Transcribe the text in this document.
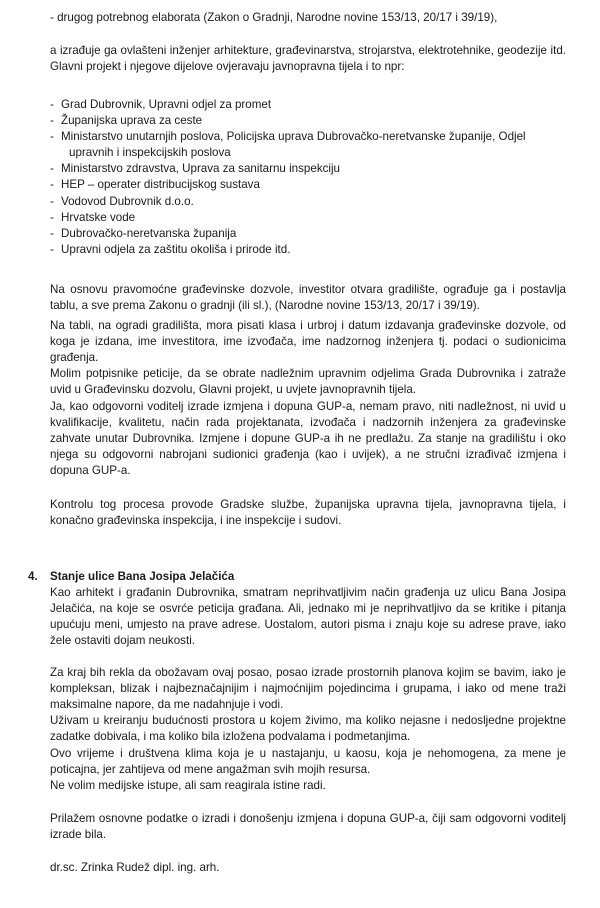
- drugog potrebnog elaborata (Zakon o Gradnji, Narodne novine 153/13, 20/17 i 39/19),

a izrađuje ga ovlašteni inženjer arhitekture, građevinarstva, strojarstva, elektrotehnike, geodezije itd. Glavni projekt i njegove dijelove ovjeravaju javnopravna tijela i to npr:

- Grad Dubrovnik, Upravni odjel za promet
- Županijska uprava za ceste
- Ministarstvo unutarnjih poslova, Policijska uprava Dubrovačko-neretvanske županije, Odjel
upravnih i inspekcijskih poslova
- Ministarstvo zdravstva, Uprava za sanitarnu inspekciju
- HEP – operater distribucijskog sustava
- Vodovod Dubrovnik d.o.o.
- Hrvatske vode
- Dubrovačko-neretvanska županija
- Upravni odjela za zaštitu okoliša i prirode itd.

Na osnovu pravomoćne građevinske dozvole, investitor otvara gradilište, ograđuje ga i postavlja tablu, a sve prema Zakonu o gradnji (ili sl.), (Narodne novine 153/13, 20/17 i 39/19).

Na tabli, na ogradi gradilišta, mora pisati klasa i urbroj i datum izdavanja građevinske dozvole, od koga je izdana, ime investitora, ime izvođača, ime nadzornog inženjera tj. podaci o sudionicima građenja.

Molim potpisnike peticije, da se obrate nadležnim upravnim odjelima Grada Dubrovnika i zatraže uvid u Građevinsku dozvolu, Glavni projekt, u uvjete javnopravnih tijela.

Ja, kao odgovorni voditelj izrade izmjena i dopuna GUP-a, nemam pravo, niti nadležnost, ni uvid u kvalifikacije, kvalitetu, način rada projektanata, izvođača i nadzornih inženjera za građevinske zahvate unutar Dubrovnika. Izmjene i dopune GUP-a ih ne predlažu. Za stanje na gradilištu i oko njega su odgovorni nabrojani sudionici građenja (kao i uvijek), a ne stručni izrađivač izmjena i dopuna GUP-a.

Kontrolu tog procesa provode Gradske službe, županijska upravna tijela, javnopravna tijela, i konačno građevinska inspekcija, i ine inspekcije i sudovi.

4. Stanje ulice Bana Josipa Jelačića

Kao arhitekt i građanin Dubrovnika, smatram neprihvatljivim način građenja uz ulicu Bana Josipa Jelačića, na koje se osvrće peticija građana. Ali, jednako mi je neprihvatljivo da se kritike i pitanja upućuju meni, umjesto na prave adrese. Uostalom, autori pisma i znaju koje su adrese prave, iako žele ostaviti dojam neukosti.

Za kraj bih rekla da obožavam ovaj posao, posao izrade prostornih planova kojim se bavim, iako je kompleksan, blizak i najbeznačajnijim i najmoćnijim pojedincima i grupama, i iako od mene traži maksimalne napore, da me nadahnjuje i vodi.

Uživam u kreiranju budućnosti prostora u kojem živimo, ma koliko nejasne i nedosljedne projektne zadatke dobivala, i ma koliko bila izložena podvalama i podmetanjima.

Ovo vrijeme i društvena klima koja je u nastajanju, u kaosu, koja je nehomogena, za mene je poticajna, jer zahtijeva od mene angažman svih mojih resursa.

Ne volim medijske istupe, ali sam reagirala istine radi.

Prilažem osnovne podatke o izradi i donošenju izmjena i dopuna GUP-a, čiji sam odgovorni voditelj izrade bila.

dr.sc. Zrinka Rudež dipl. ing. arh.
